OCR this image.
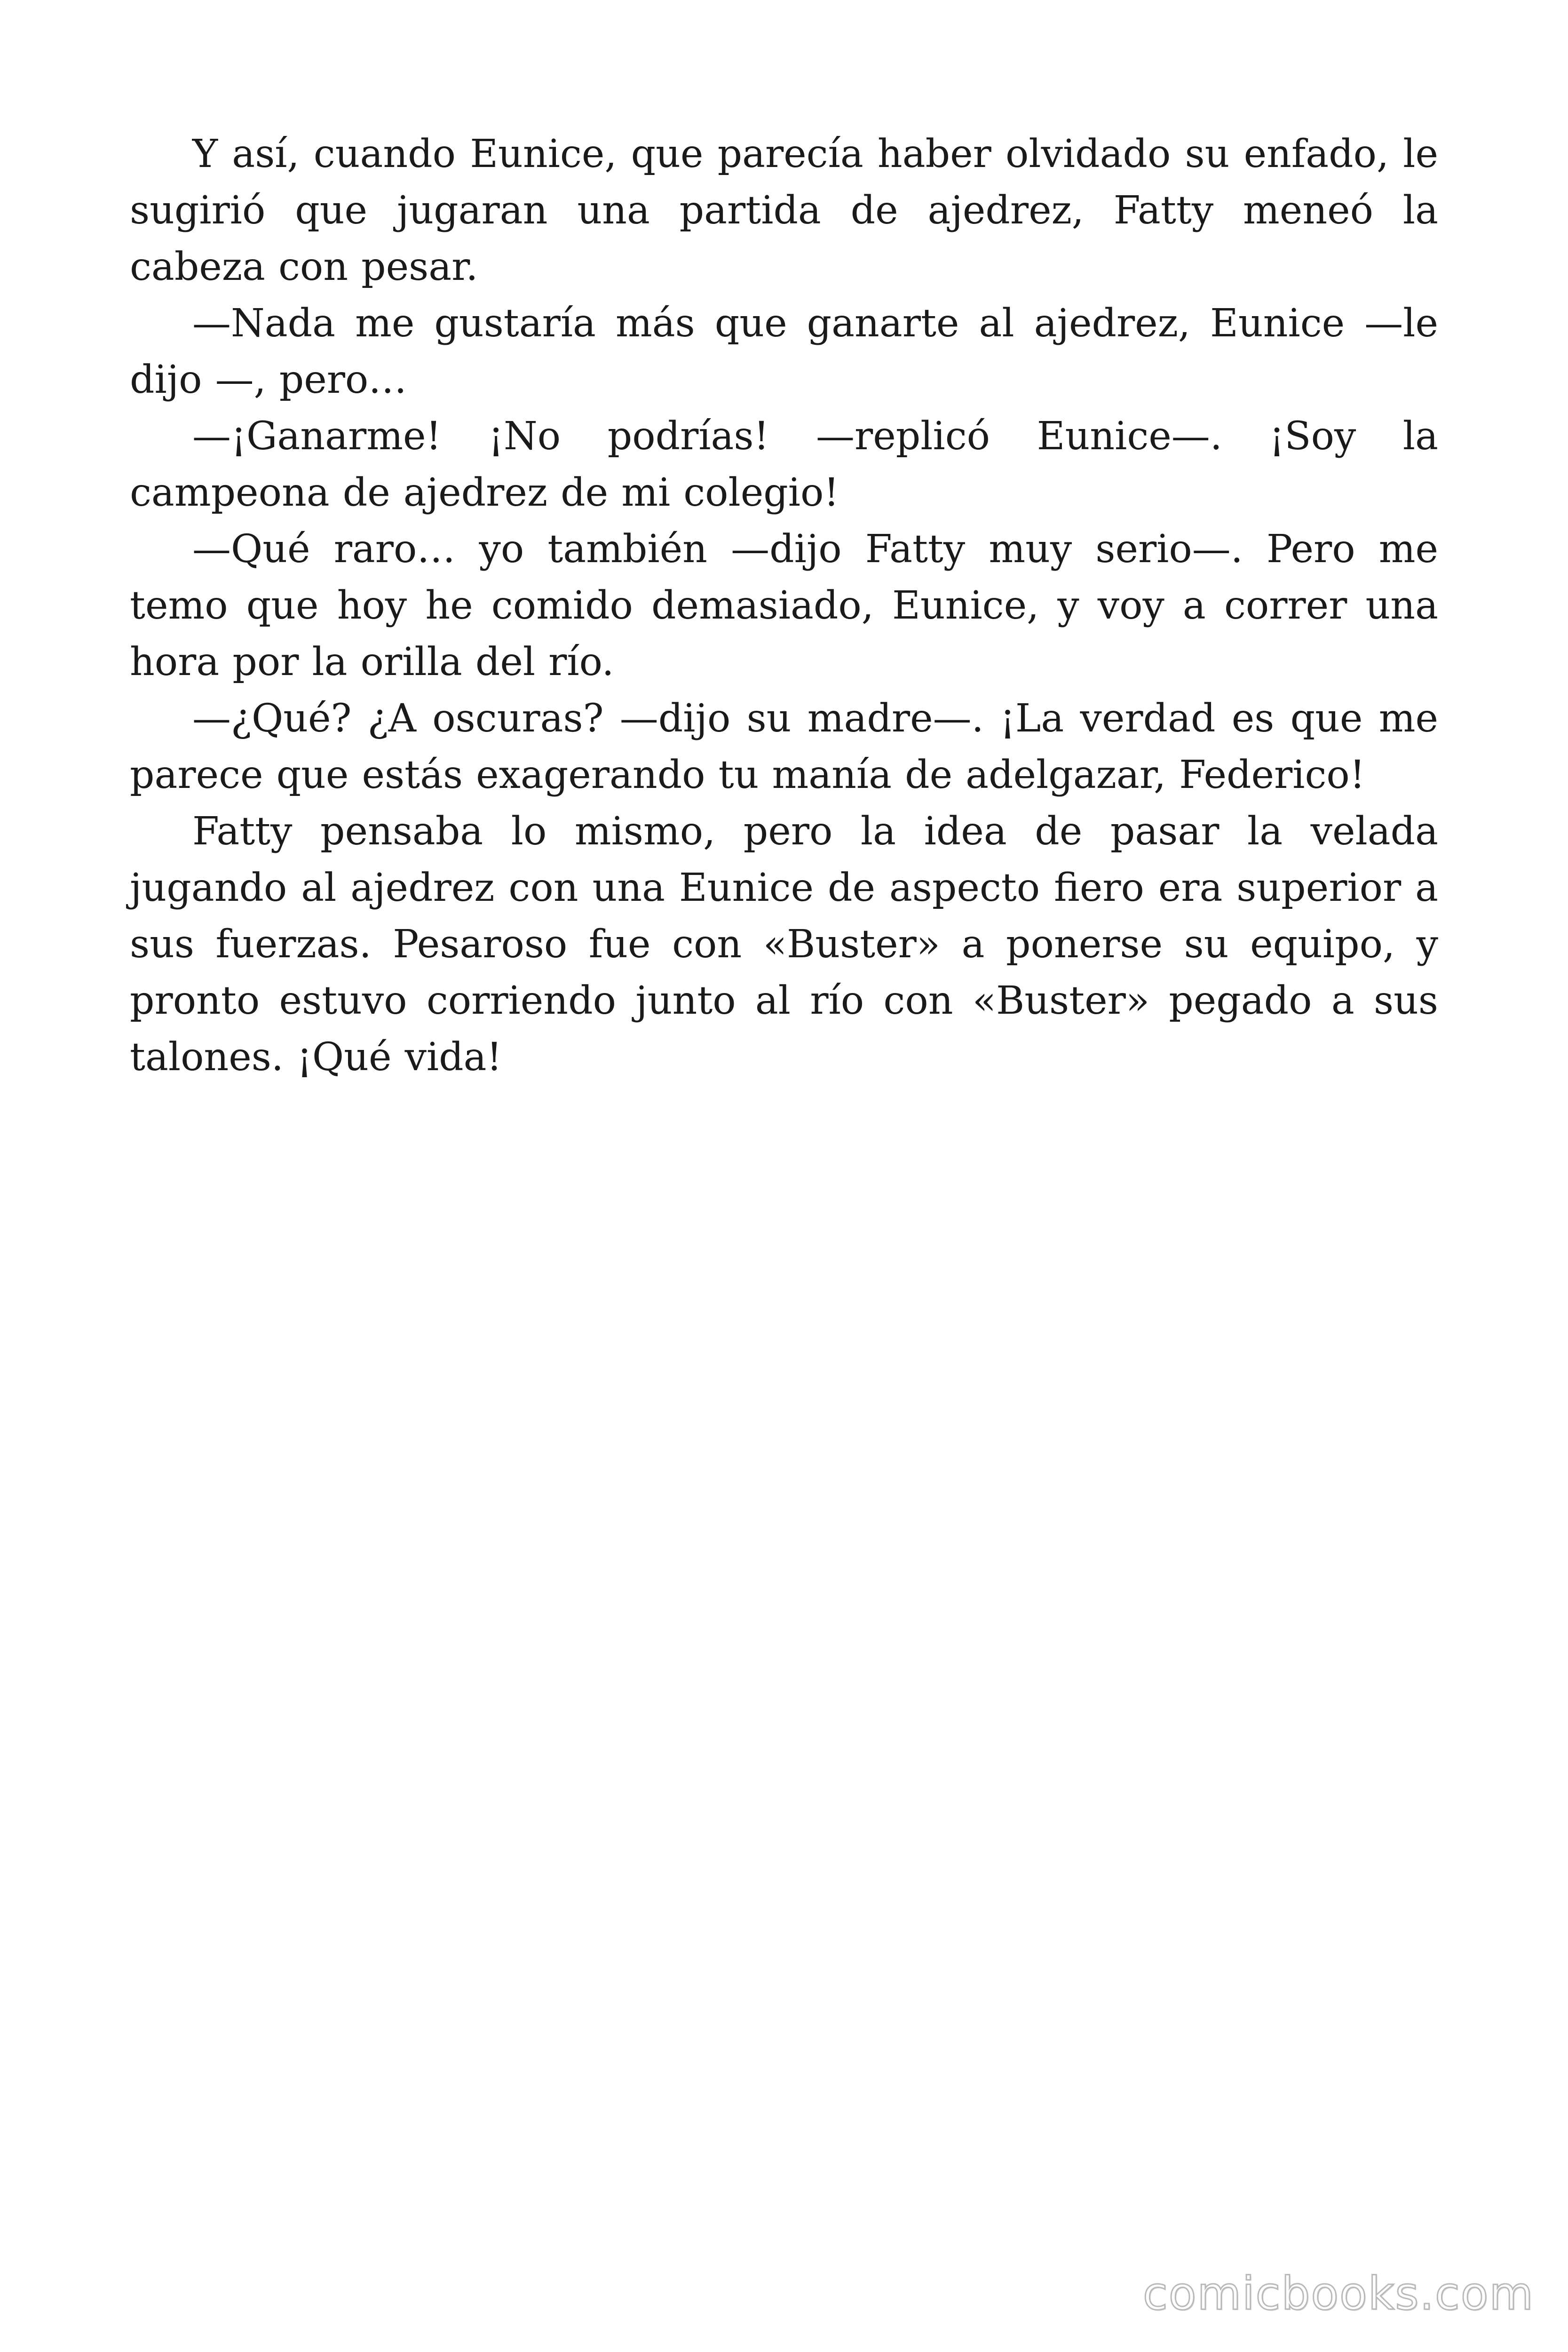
Y así, cuando Eunice, que parecía haber olvidado su enfado, le sugirió que jugaran una partida de ajedrez, Fatty meneó la cabeza con pesar.

—Nada me gustaría más que ganarte al ajedrez, Eunice —le dijo —, pero…

—¡Ganarme! ¡No podrías! —replicó Eunice—. ¡Soy la campeona de ajedrez de mi colegio!

—Qué raro… yo también —dijo Fatty muy serio—. Pero me temo que hoy he comido demasiado, Eunice, y voy a correr una hora por la orilla del río.

—¿Qué? ¿A oscuras? —dijo su madre—. ¡La verdad es que me parece que estás exagerando tu manía de adelgazar, Federico!

Fatty pensaba lo mismo, pero la idea de pasar la velada jugando al ajedrez con una Eunice de aspecto fiero era superior a sus fuerzas. Pesaroso fue con «Buster» a ponerse su equipo, y pronto estuvo corriendo junto al río con «Buster» pegado a sus talones. ¡Qué vida!

comicbooks.com
